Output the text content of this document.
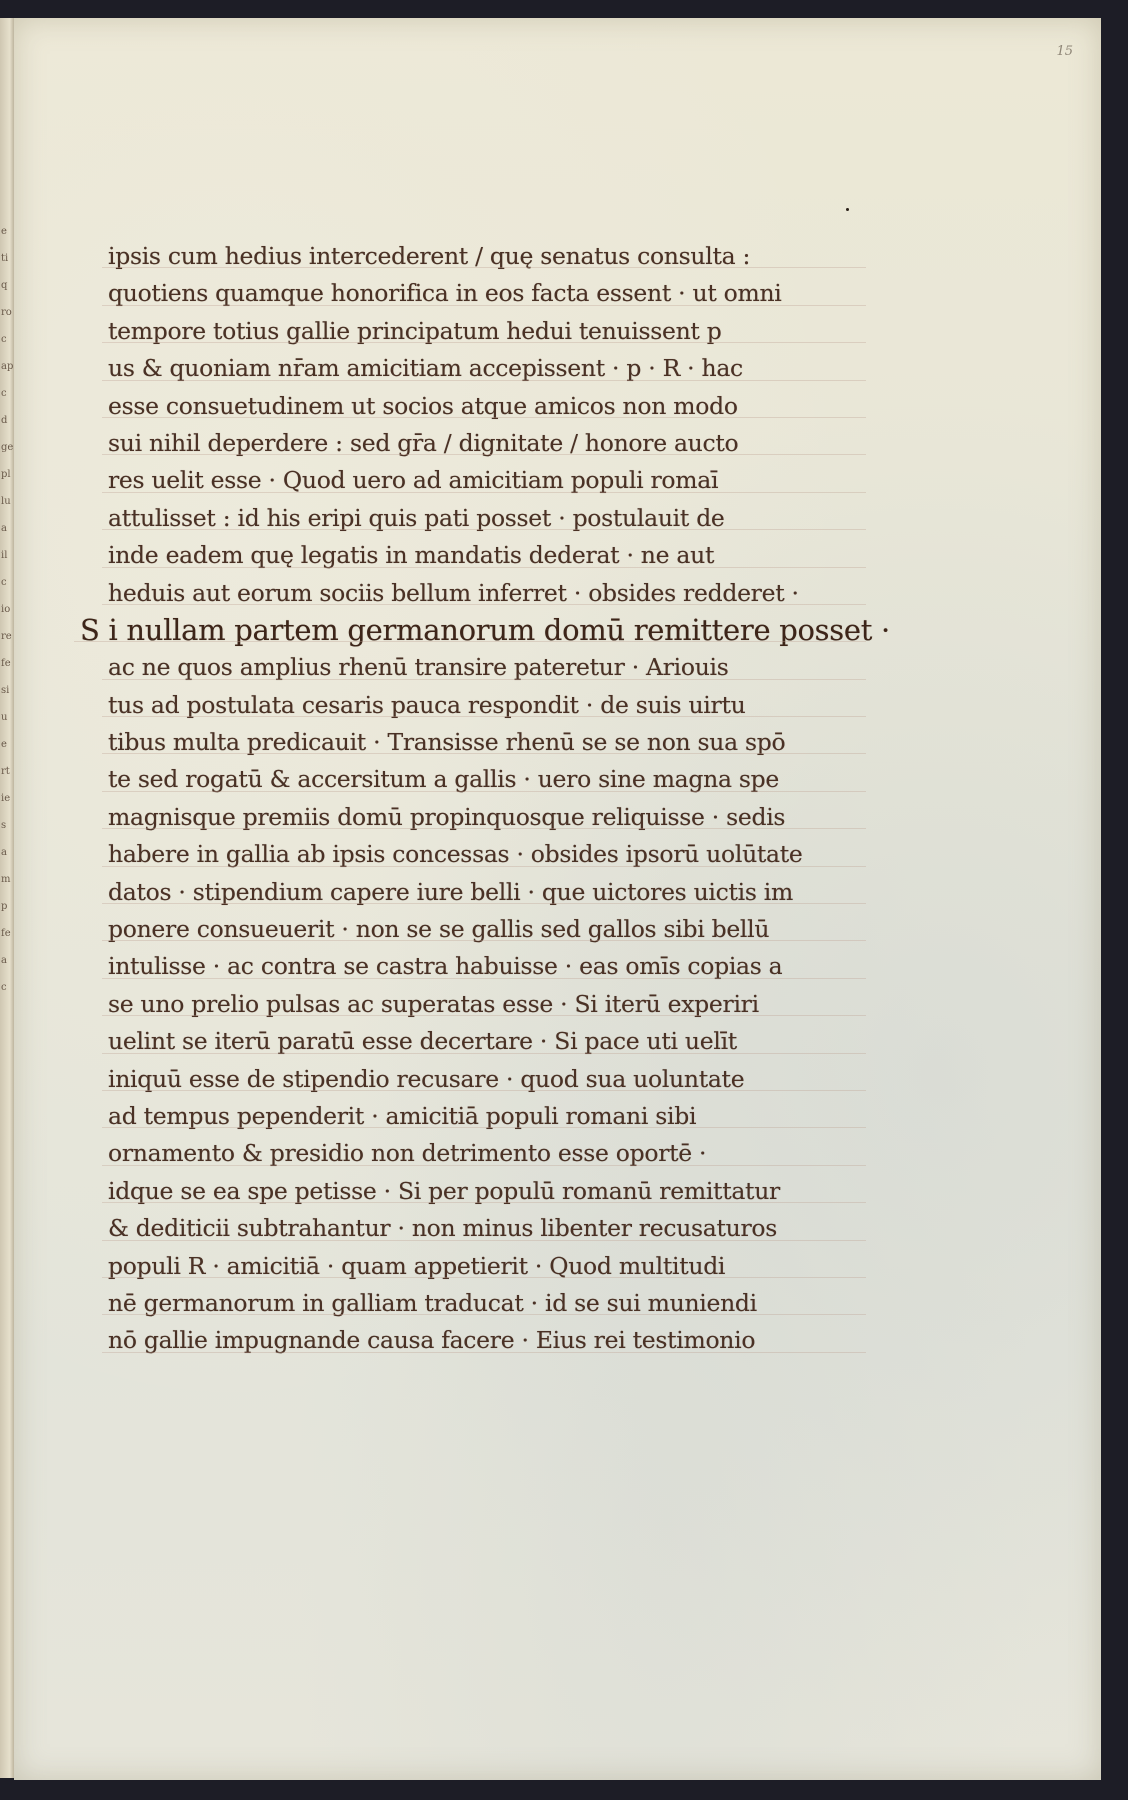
e
ti
q
ro
c
ap
c
d
ge
pl
lu
a
il
c
io
re
fe
si
u
e
rt
ie
s
a
m
p
fe
a
c
15
ipsis cum hedius intercederent / quę senatus consulta :
quotiens quamque honorifica in eos facta essent · ut omni
tempore totius gallie principatum hedui tenuissent p
us & quoniam nr̄am amicitiam accepissent · p · R · hac
esse consuetudinem ut socios atque amicos non modo
sui nihil deperdere : sed gr̄a / dignitate / honore aucto
res uelit esse · Quod uero ad amicitiam populi romaī
attulisset : id his eripi quis pati posset · postulauit de
inde eadem quę legatis in mandatis dederat · ne aut
heduis aut eorum sociis bellum inferret · obsides redderet ·
S i nullam partem germanorum domū remittere posset ·
ac ne quos amplius rhenū transire pateretur · Ariouis
tus ad postulata cesaris pauca respondit · de suis uirtu
tibus multa predicauit · Transisse rhenū se se non sua spō
te sed rogatū & accersitum a gallis · uero sine magna spe
magnisque premiis domū propinquosque reliquisse · sedis
habere in gallia ab ipsis concessas · obsides ipsorū uolūtate
datos · stipendium capere iure belli · que uictores uictis im
ponere consueuerit · non se se gallis sed gallos sibi bellū
intulisse · ac contra se castra habuisse · eas omīs copias a
se uno prelio pulsas ac superatas esse · Si iterū experiri
uelint se iterū paratū esse decertare · Si pace uti uelīt
iniquū esse de stipendio recusare · quod sua uoluntate
ad tempus pependerit · amicitiā populi romani sibi
ornamento & presidio non detrimento esse oportē ·
idque se ea spe petisse · Si per populū romanū remittatur
& dediticii subtrahantur · non minus libenter recusaturos
populi R · amicitiā · quam appetierit · Quod multitudi
nē germanorum in galliam traducat · id se sui muniendi
nō gallie impugnande causa facere · Eius rei testimonio
